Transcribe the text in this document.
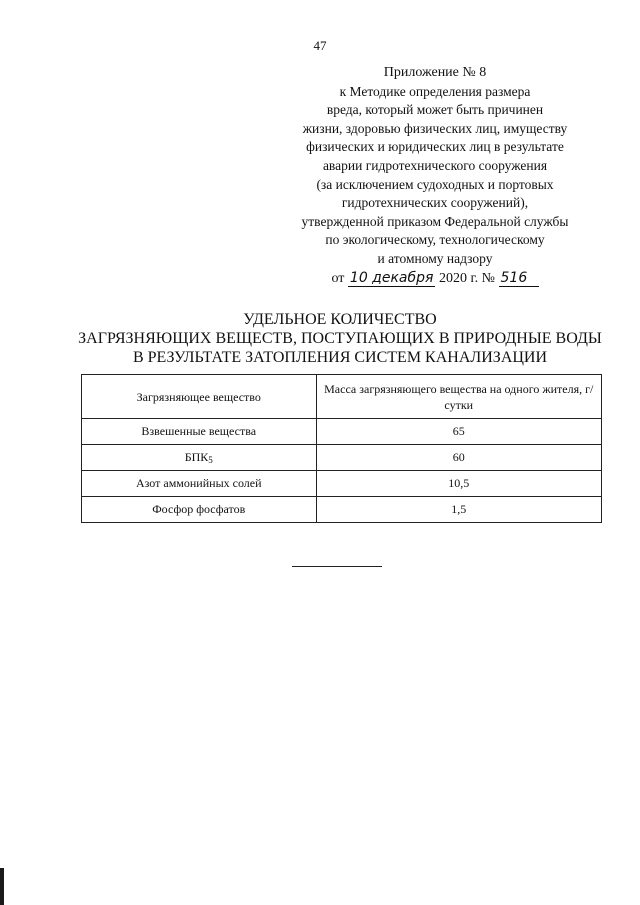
47
Приложение № 8
к Методике определения размера
вреда, который может быть причинен
жизни, здоровью физических лиц, имуществу
физических и юридических лиц в результате
аварии гидротехнического сооружения
(за исключением судоходных и портовых
гидротехнических сооружений),
утвержденной приказом Федеральной службы
по экологическому, технологическому
и атомному надзору
от 10 декабря 2020 г. № 516
УДЕЛЬНОЕ КОЛИЧЕСТВО
ЗАГРЯЗНЯЮЩИХ ВЕЩЕСТВ, ПОСТУПАЮЩИХ В ПРИРОДНЫЕ ВОДЫ
В РЕЗУЛЬТАТЕ ЗАТОПЛЕНИЯ СИСТЕМ КАНАЛИЗАЦИИ
Загрязняющее вещество	Масса загрязняющего вещества на одного жителя, г/сутки
Взвешенные вещества	65
$БПК_5$	60
Азот аммонийных солей	10,5
Фосфор фосфатов	1,5
